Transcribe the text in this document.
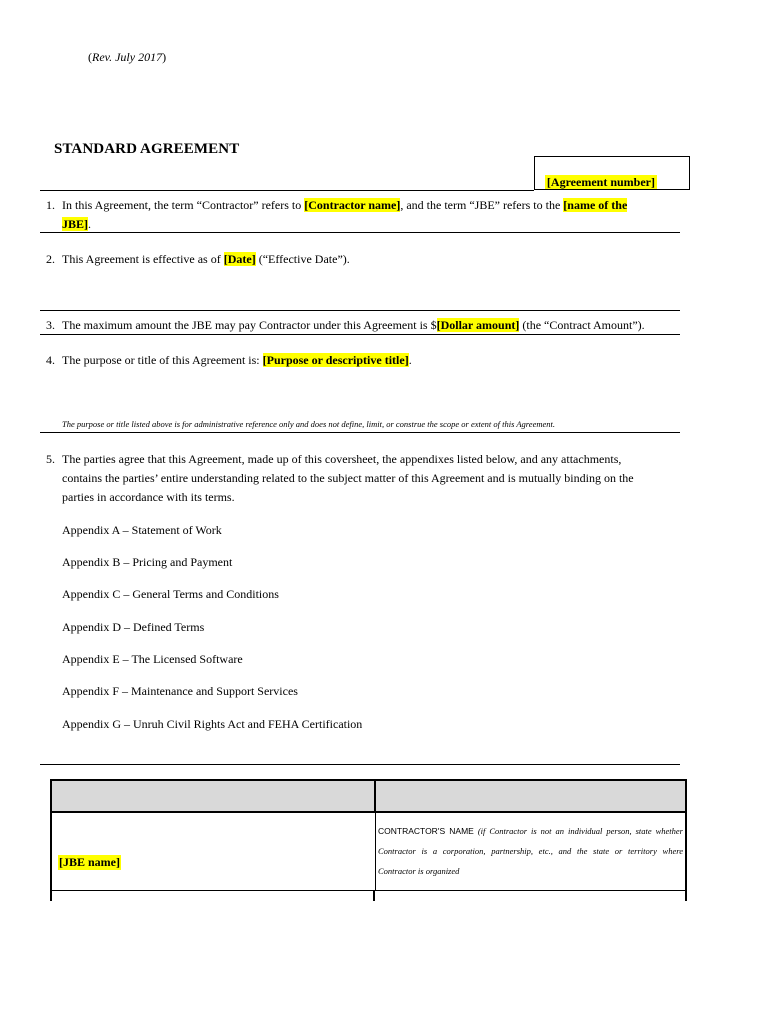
(Rev. July 2017)
STANDARD AGREEMENT
[Agreement number]
1. In this Agreement, the term “Contractor” refers to [Contractor name], and the term “JBE” refers to the [name of the
JBE].
2. This Agreement is effective as of [Date] (“Effective Date”).
3. The maximum amount the JBE may pay Contractor under this Agreement is $[Dollar amount] (the “Contract Amount”).
4. The purpose or title of this Agreement is: [Purpose or descriptive title].
The purpose or title listed above is for administrative reference only and does not define, limit, or construe the scope or extent of this Agreement.
5. The parties agree that this Agreement, made up of this coversheet, the appendixes listed below, and any attachments,
contains the parties’ entire understanding related to the subject matter of this Agreement and is mutually binding on the
parties in accordance with its terms.
Appendix A – Statement of Work
Appendix B – Pricing and Payment
Appendix C – General Terms and Conditions
Appendix D – Defined Terms
Appendix E – The Licensed Software
Appendix F – Maintenance and Support Services
Appendix G – Unruh Civil Rights Act and FEHA Certification
[JBE name]
CONTRACTOR'S NAME (if Contractor is not an individual person, state whether Contractor is a corporation, partnership, etc., and the state or territory where Contractor is organized
